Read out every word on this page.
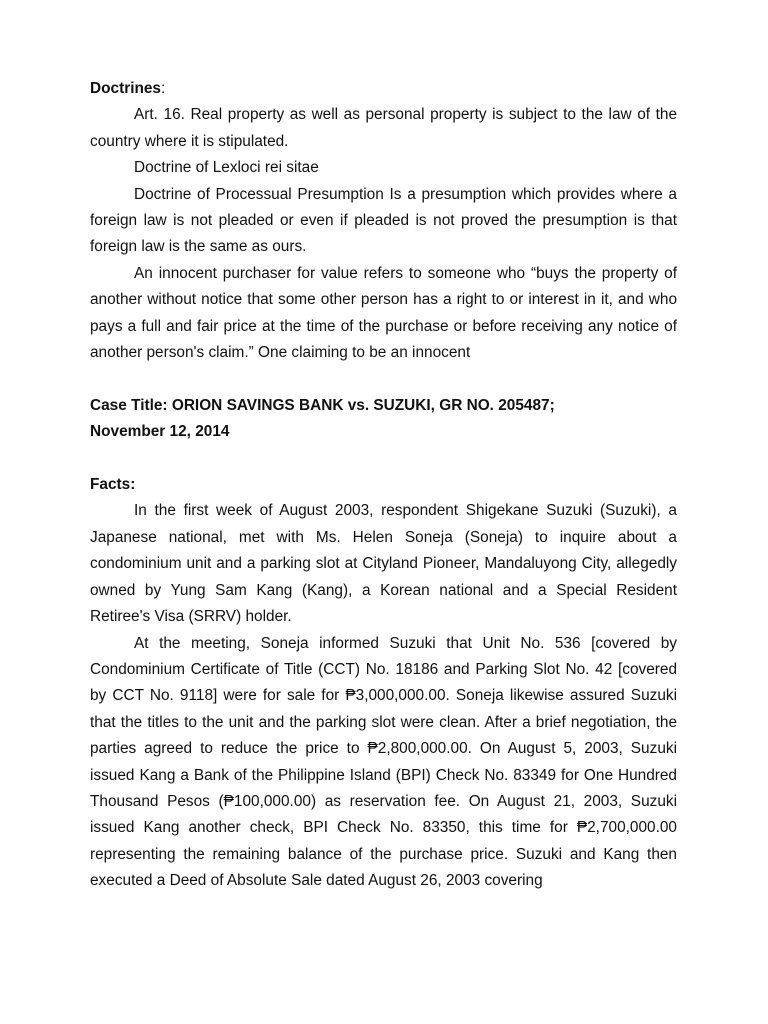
Doctrines:

Art. 16. Real property as well as personal property is subject to the law of the country where it is stipulated.

Doctrine of Lexloci rei sitae

Doctrine of Processual Presumption Is a presumption which provides where a foreign law is not pleaded or even if pleaded is not proved the presumption is that foreign law is the same as ours.

An innocent purchaser for value refers to someone who “buys the property of another without notice that some other person has a right to or interest in it, and who pays a full and fair price at the time of the purchase or before receiving any notice of another person's claim.” One claiming to be an innocent

Case Title: ORION SAVINGS BANK vs. SUZUKI, GR NO. 205487;
November 12, 2014

Facts:

In the first week of August 2003, respondent Shigekane Suzuki (Suzuki), a Japanese national, met with Ms. Helen Soneja (Soneja) to inquire about a condominium unit and a parking slot at Cityland Pioneer, Mandaluyong City, allegedly owned by Yung Sam Kang (Kang), a Korean national and a Special Resident Retiree's Visa (SRRV) holder.

At the meeting, Soneja informed Suzuki that Unit No. 536 [covered by Condominium Certificate of Title (CCT) No. 18186 and Parking Slot No. 42 [covered by CCT No. 9118] were for sale for ₱3,000,000.00. Soneja likewise assured Suzuki that the titles to the unit and the parking slot were clean. After a brief negotiation, the parties agreed to reduce the price to ₱2,800,000.00. On August 5, 2003, Suzuki issued Kang a Bank of the Philippine Island (BPI) Check No. 83349 for One Hundred Thousand Pesos (₱100,000.00) as reservation fee. On August 21, 2003, Suzuki issued Kang another check, BPI Check No. 83350, this time for ₱2,700,000.00 representing the remaining balance of the purchase price. Suzuki and Kang then executed a Deed of Absolute Sale dated August 26, 2003 covering
